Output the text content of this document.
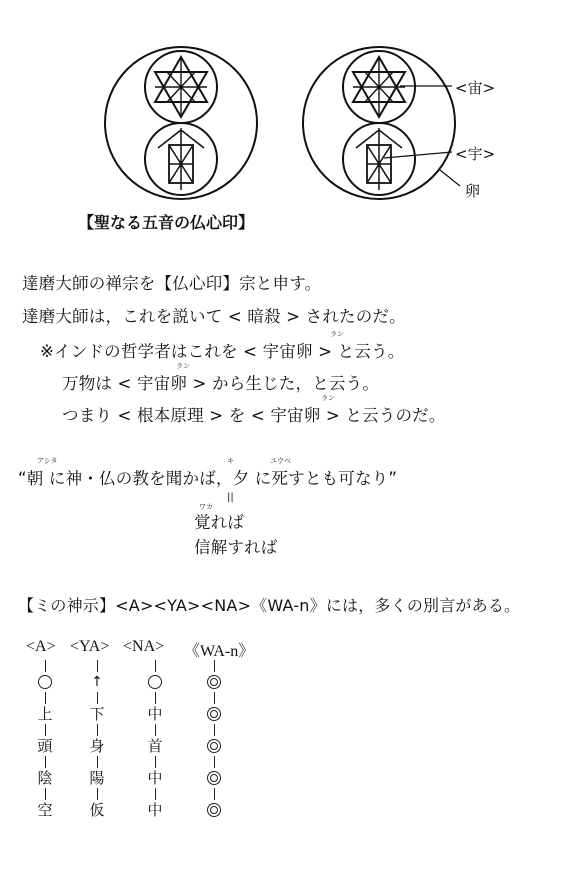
<宙>
<宇>
卵
【聖なる五音の仏心印】
達磨大師の禅宗を【仏心印】宗と申す。
達磨大師は，これを説いて < 暗殺 > されたのだ。
ラン
※インドの哲学者はこれを < 宇宙卵 > と云う。
ラン
万物は < 宇宙卵 > から生じた，と云う。
ラン
つまり < 根本原理 > を < 宇宙卵 > と云うのだ。
アシタ	キ	ユウベ
“朝 に神・仏の教を聞かば，夕 に死すとも可なり”
||
ワカ
覚れば
信解すれば
【ミの神示】<A><YA><NA>《WA-n》には，多くの別言がある。
<A> <YA> <NA> 《WA-n》
上
頭
陰
空
↑
下
身
陽
仮
中
首
中
中
